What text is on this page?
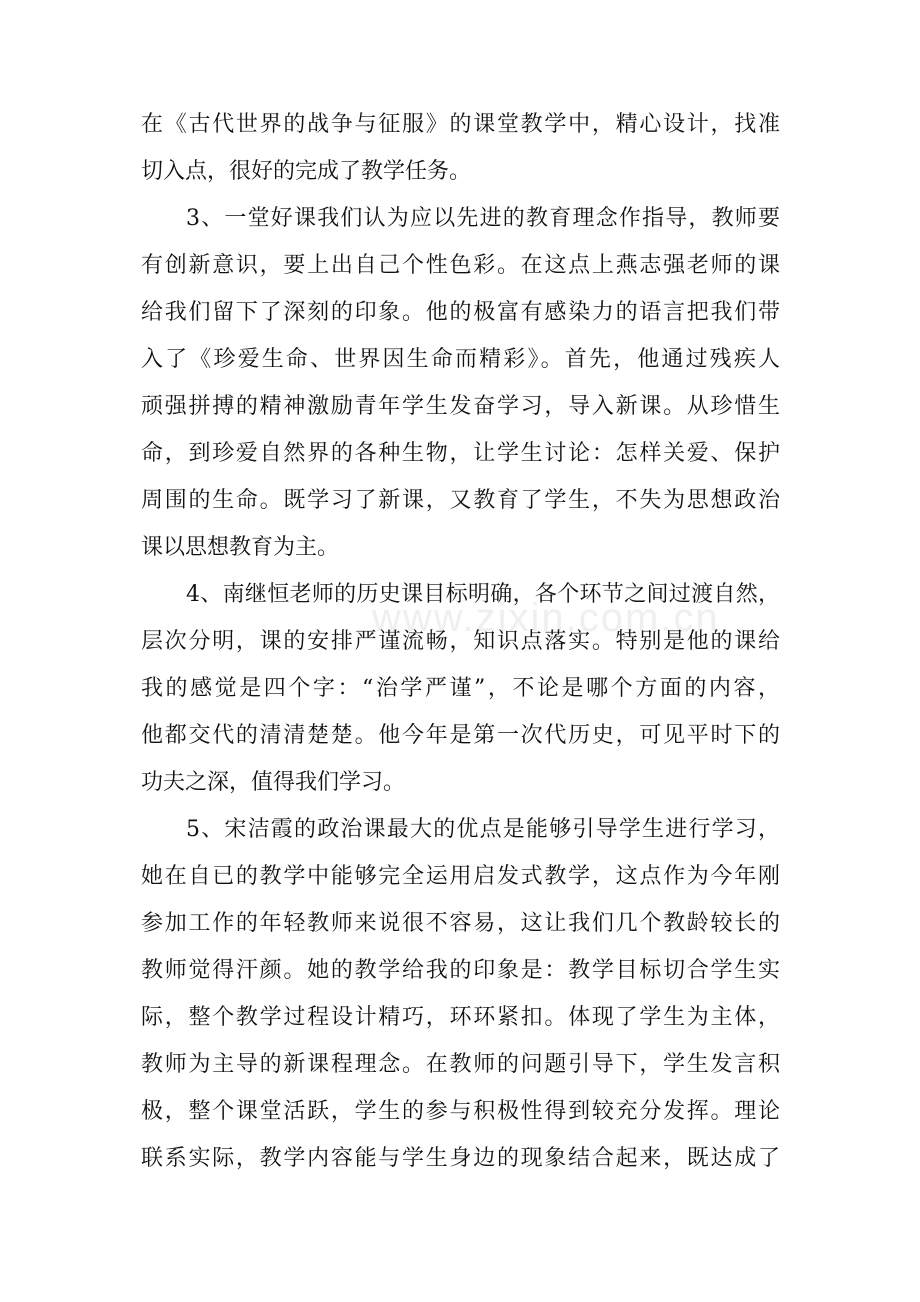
www.zixin.com.cn
在《古代世界的战争与征服》的课堂教学中，精心设计，找准
切入点，很好的完成了教学任务。
3、一堂好课我们认为应以先进的教育理念作指导，教师要
有创新意识，要上出自己个性色彩。在这点上燕志强老师的课
给我们留下了深刻的印象。他的极富有感染力的语言把我们带
入了《珍爱生命、世界因生命而精彩》。首先，他通过残疾人
顽强拼搏的精神激励青年学生发奋学习，导入新课。从珍惜生
命，到珍爱自然界的各种生物，让学生讨论：怎样关爱、保护
周围的生命。既学习了新课，又教育了学生，不失为思想政治
课以思想教育为主。
4、南继恒老师的历史课目标明确，各个环节之间过渡自然，
层次分明，课的安排严谨流畅，知识点落实。特别是他的课给
我的感觉是四个字：“治学严谨”，不论是哪个方面的内容，
他都交代的清清楚楚。他今年是第一次代历史，可见平时下的
功夫之深，值得我们学习。
5、宋洁霞的政治课最大的优点是能够引导学生进行学习，
她在自已的教学中能够完全运用启发式教学，这点作为今年刚
参加工作的年轻教师来说很不容易，这让我们几个教龄较长的
教师觉得汗颜。她的教学给我的印象是：教学目标切合学生实
际，整个教学过程设计精巧，环环紧扣。体现了学生为主体，
教师为主导的新课程理念。在教师的问题引导下，学生发言积
极，整个课堂活跃，学生的参与积极性得到较充分发挥。理论
联系实际，教学内容能与学生身边的现象结合起来，既达成了
